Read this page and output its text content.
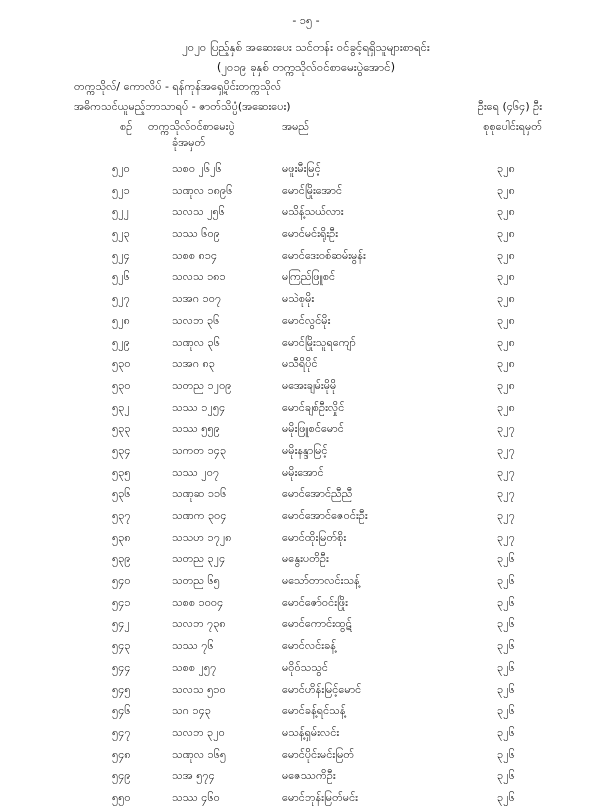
- ၁၅ -
၂၀၂၀ ပြည့်နှစ် အဆေးပေး သင်တန်း ဝင်ခွင့်ရရှိသူများစာရင်း
(၂၀၁၉ ခုနှစ် တက္ကသိုလ်ဝင်စာမေးပွဲအောင်)
တက္ကသိုလ်/ ကောလိပ် - ရန်ကုန်အရှေ့ပိုင်းတက္ကသိုလ်
အဓိကသင်ယူမည့်ဘာသာရပ် - ဇာတ်သိပ္ပံ(အဆေးပေး)	ဦးရေ (၄၆၄) ဦး
စဉ် တက္ကသိုလ်ဝင်စာမေးပွဲ
ခုံအမှတ်
အမည်	စုစုပေါင်းရမှတ်
၅၂၀	သစဝ ၂၆၂၆	မဖူးမီးမြင့်	၃၂၈
၅၂၁	သဏုလ ၁၈၉၆	မောင်မြိုးအောင်	၃၂၈
၅၂၂	သလသ ၂၅၆	မသိန့်သယ်လား	၃၂၈
၅၂၃	သဿ ၆၀၉	မောင်မင်းရိုးဦး	၃၂၈
၅၂၄	သစစ ၈၁၄	မောင်ဒေးဝစ်ဆမ်းမွန်း	၃၂၈
၅၂၆	သလသ ၁၈၁	မကြည်ဖြူစင်	၃၂၈
၅၂၇	သအဂ ၁၀၇	မသဲစုမိုး	၃၂၈
၅၂၈	သလဘ ၃၆	မောင်လွင်မိုး	၃၂၈
၅၂၉	သဏုလ ၃၆	မောင်မြိုးသူရကျော်	၃၂၈
၅၃၀	သအဂ ၈၃	မသီရိပိုင်	၃၂၈
၅၃၀	သတည ၁၂၀၉	မအေးချမ်းမိုမို	၃၂၈
၅၃၂	သဿ ၁၂၅၄	မောင်ချစ်ဦးလှိုင်	၃၂၈
၅၃၃	သဿ ၅၅၉	မမိုးဖြူစင်မောင်	၃၂၇
၅၃၄	သကတ ၁၄၃	မမိုးနန္ဒာမြင့်	၃၂၇
၅၃၅	သဿ ၂၀၇	မမိုးအောင်	၃၂၇
၅၃၆	သဏုဆ ၁၁၆	မောင်အောင်ညီညီ	၃၂၇
၅၃၇	သဏက ၃၀၄	မောင်အောင်ဇေဝင်းဦး	၃၂၇
၅၃၈	သသဟ ၁၇၂၈	မောင်ထိုးမြတ်စိုး	၃၂၇
၅၃၉	သတည ၃၂၄	မနွေးပတိဦး	၃၂၆
၅၄၀	သတည ၆၅	မသော်တာလင်းသန့်	၃၂၆
၅၄၁	သစစ ၁၀၀၄	မောင်ဇော်ဝင်းဖြိုး	၃၂၆
၅၄၂	သလဘ ၇၃၈	မောင်ကောင်းထွဋ်	၃၂၆
၅၄၃	သဿ ၇၆	မောင်လင်းခန့်	၃၂၆
၅၄၄	သစစ ၂၅၇	မဝိုဝ်သသွင်	၃၂၆
၅၄၅	သလသ ၅၁၀	မောင်ဟိန်းမြင့်မောင်	၃၂၆
၅၄၆	သဂ ၁၄၃	မောင်ခန့်ရင်သန့်	၃၂၆
၅၄၇	သလဘ ၃၂၀	မသန့်ရှမ်းလင်း	၃၂၆
၅၄၈	သဏုလ ၁၆၅	မောင်ပိုင်းမင်းမြတ်	၃၂၆
၅၄၉	သအ ၅၇၄	မဇေဿကိဦး	၃၂၆
၅၅၀	သဿ ၄၆၀	မောင်ဘုန်းမြတ်မင်း	၃၂၆
